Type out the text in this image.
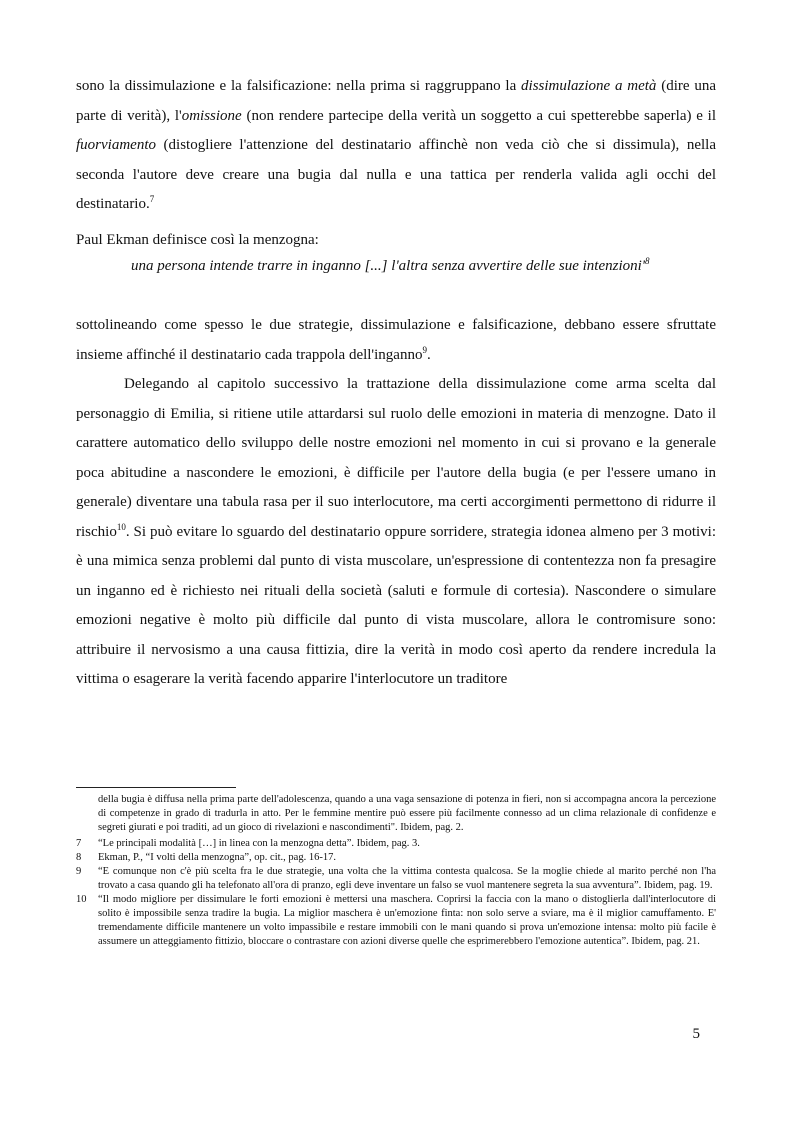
sono la dissimulazione e la falsificazione: nella prima si raggruppano la dissimulazione a metà (dire una parte di verità), l'omissione (non rendere partecipe della verità un soggetto a cui spetterebbe saperla) e il fuorviamento (distogliere l'attenzione del destinatario affinchè non veda ciò che si dissimula), nella seconda l'autore deve creare una bugia dal nulla e una tattica per renderla valida agli occhi del destinatario.$^7$

Paul Ekman definisce così la menzogna:

una persona intende trarre in inganno [...] l'altra senza avvertire delle sue $intenzioni'^8$

sottolineando come spesso le due strategie, dissimulazione e falsificazione, debbano essere sfruttate insieme affinché il destinatario cada trappola dell'inganno$^9$.

Delegando al capitolo successivo la trattazione della dissimulazione come arma scelta dal personaggio di Emilia, si ritiene utile attardarsi sul ruolo delle emozioni in materia di menzogne. Dato il carattere automatico dello sviluppo delle nostre emozioni nel momento in cui si provano e la generale poca abitudine a nascondere le emozioni, è difficile per l'autore della bugia (e per l'essere umano in generale) diventare una tabula rasa per il suo interlocutore, ma certi accorgimenti permettono di ridurre il rischio$^{10}$. Si può evitare lo sguardo del destinatario oppure sorridere, strategia idonea almeno per 3 motivi: è una mimica senza problemi dal punto di vista muscolare, un'espressione di contentezza non fa presagire un inganno ed è richiesto nei rituali della società (saluti e formule di cortesia). Nascondere o simulare emozioni negative è molto più difficile dal punto di vista muscolare, allora le contromisure sono: attribuire il nervosismo a una causa fittizia, dire la verità in modo così aperto da rendere incredula la vittima o esagerare la verità facendo apparire l'interlocutore un traditore

della bugia è diffusa nella prima parte dell'adolescenza, quando a una vaga sensazione di potenza in fieri, non si accompagna ancora la percezione di competenze in grado di tradurla in atto. Per le femmine mentire può essere più facilmente connesso ad un clima relazionale di confidenze e segreti giurati e poi traditi, ad un gioco di rivelazioni e nascondimenti". Ibidem, pag. 2.
7	“Le principali modalità […] in linea con la menzogna detta”. Ibidem, pag. 3.
8	Ekman, P., “I volti della menzogna”, op. cit., pag. 16-17.
9	“E comunque non c'è più scelta fra le due strategie, una volta che la vittima contesta qualcosa. Se la moglie chiede al marito perché non l'ha trovato a casa quando gli ha telefonato all'ora di pranzo, egli deve inventare un falso se vuol mantenere segreta la sua avventura”. Ibidem, pag. 19.
10	“Il modo migliore per dissimulare le forti emozioni è mettersi una maschera. Coprirsi la faccia con la mano o distoglierla dall'interlocutore di solito è impossibile senza tradire la bugia. La miglior maschera è un'emozione finta: non solo serve a sviare, ma è il miglior camuffamento. E' tremendamente difficile mantenere un volto impassibile e restare immobili con le mani quando si prova un'emozione intensa: molto più facile è assumere un atteggiamento fittizio, bloccare o contrastare con azioni diverse quelle che esprimerebbero l'emozione autentica”. Ibidem, pag. 21.
5
